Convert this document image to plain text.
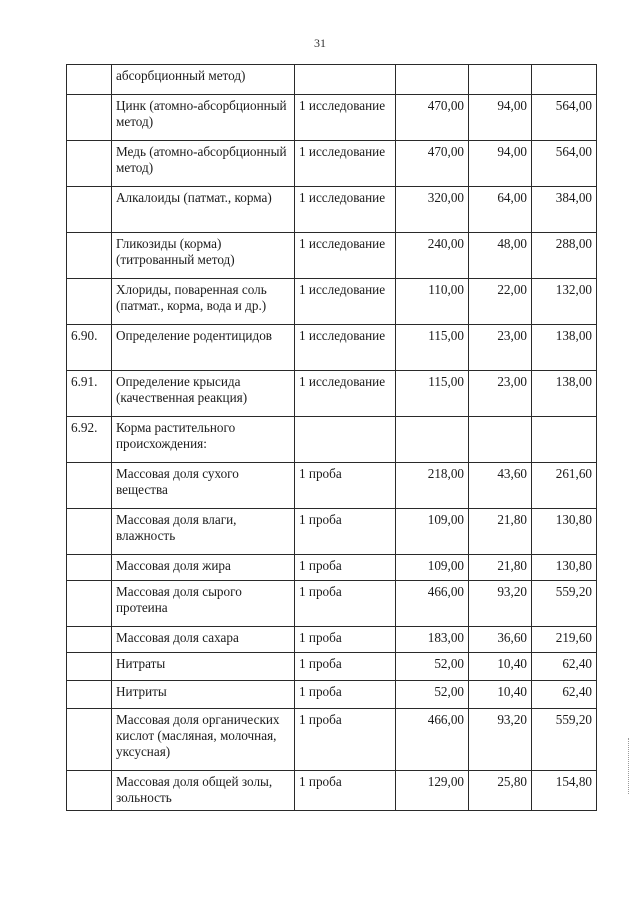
31
	абсорбционный метод)				
	Цинк (атомно-абсорбционный метод)	1 исследование	470,00	94,00	564,00
	Медь (атомно-абсорбционный метод)	1 исследование	470,00	94,00	564,00
	Алкалоиды (патмат., корма)	1 исследование	320,00	64,00	384,00
	Гликозиды (корма) (титрованный метод)	1 исследование	240,00	48,00	288,00
	Хлориды, поваренная соль (патмат., корма, вода и др.)	1 исследование	110,00	22,00	132,00
6.90.	Определение родентицидов	1 исследование	115,00	23,00	138,00
6.91.	Определение крысида (качественная реакция)	1 исследование	115,00	23,00	138,00
6.92.	Корма растительного происхождения:				
	Массовая доля сухого вещества	1 проба	218,00	43,60	261,60
	Массовая доля влаги, влажность	1 проба	109,00	21,80	130,80
	Массовая доля жира	1 проба	109,00	21,80	130,80
	Массовая доля сырого протеина	1 проба	466,00	93,20	559,20
	Массовая доля сахара	1 проба	183,00	36,60	219,60
	Нитраты	1 проба	52,00	10,40	62,40
	Нитриты	1 проба	52,00	10,40	62,40
	Массовая доля органических кислот (масляная, молочная, уксусная)	1 проба	466,00	93,20	559,20
	Массовая доля общей золы, зольность	1 проба	129,00	25,80	154,80
